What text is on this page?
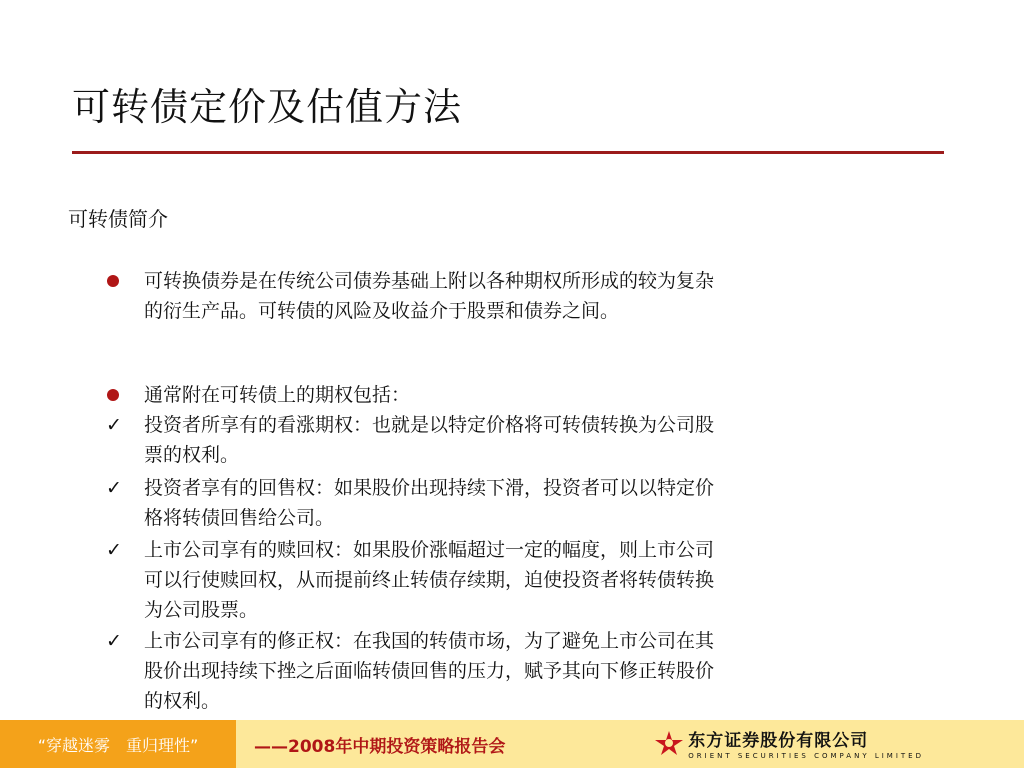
可转债定价及估值方法
可转债简介
可转换债券是在传统公司债券基础上附以各种期权所形成的较为复杂
的衍生产品。可转债的风险及收益介于股票和债券之间。
通常附在可转债上的期权包括：
✓ 投资者所享有的看涨期权：也就是以特定价格将可转债转换为公司股
票的权利。
✓ 投资者享有的回售权：如果股价出现持续下滑，投资者可以以特定价
格将转债回售给公司。
✓ 上市公司享有的赎回权：如果股价涨幅超过一定的幅度，则上市公司
可以行使赎回权，从而提前终止转债存续期，迫使投资者将转债转换
为公司股票。
✓ 上市公司享有的修正权：在我国的转债市场，为了避免上市公司在其
股价出现持续下挫之后面临转债回售的压力，赋予其向下修正转股价
的权利。
“穿越迷雾　重归理性”	——2008年中期投资策略报告会	东方证券股份有限公司
ORIENT SECURITIES COMPANY LIMITED
